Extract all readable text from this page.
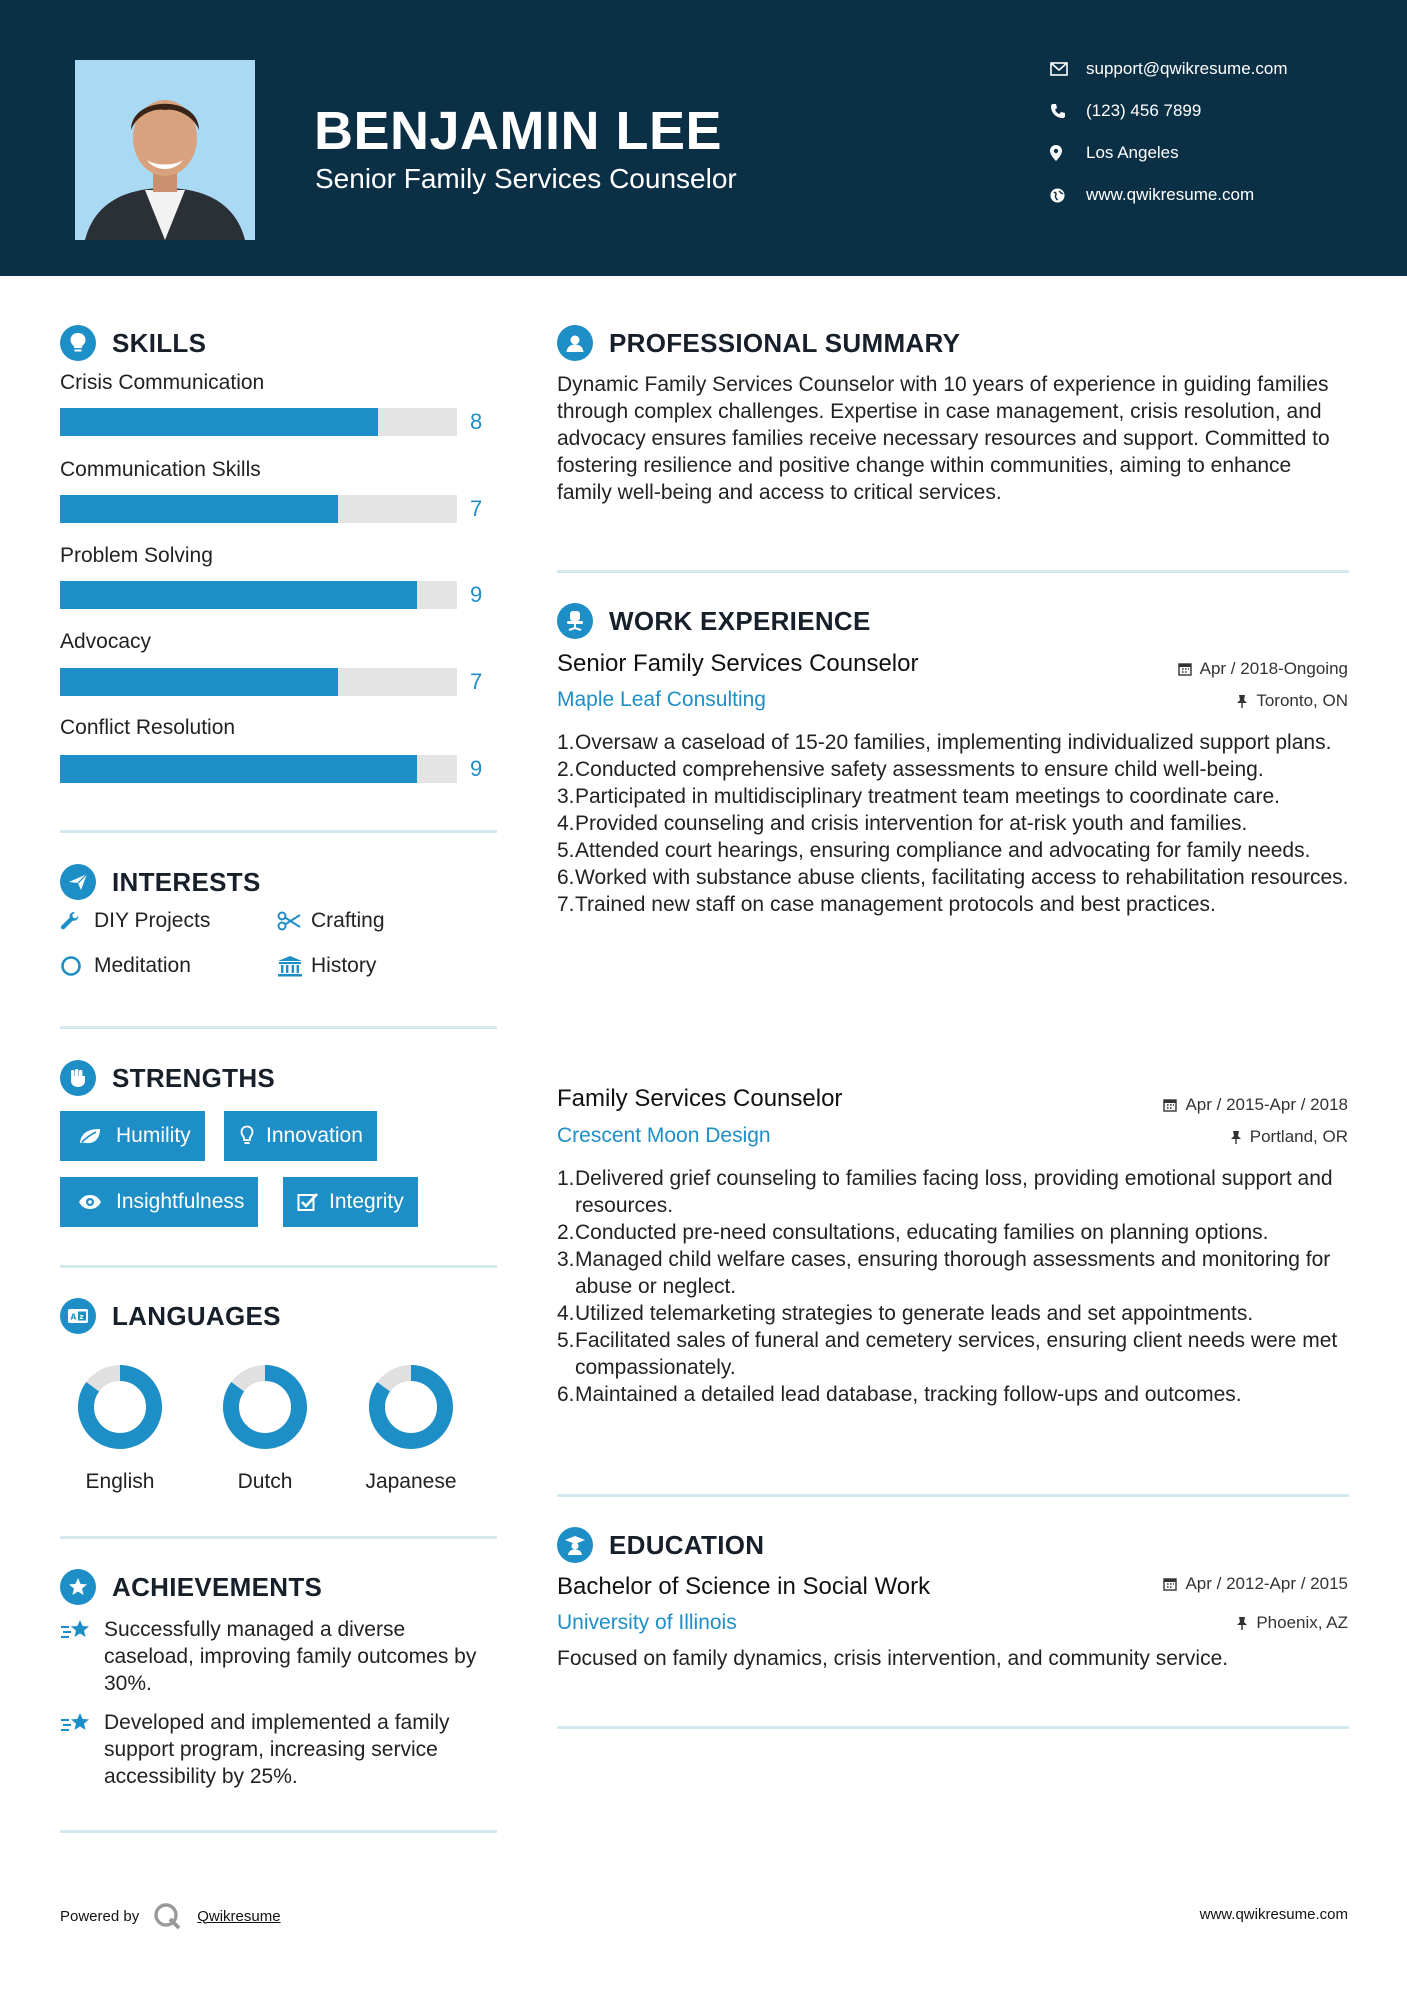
BENJAMIN LEE
Senior Family Services Counselor
support@qwikresume.com
(123) 456 7899
Los Angeles
www.qwikresume.com
SKILLS
Crisis Communication
8
Communication Skills
7
Problem Solving
9
Advocacy
7
Conflict Resolution
9
INTERESTS
DIY Projects	Crafting
Meditation	History
STRENGTHS
Humility	Innovation
Insightfulness	Integrity
A z LANGUAGES
English	Dutch	Japanese
ACHIEVEMENTS
Successfully managed a diverse caseload, improving family outcomes by 30%.
Developed and implemented a family support program, increasing service accessibility by 25%.
PROFESSIONAL SUMMARY
Dynamic Family Services Counselor with 10 years of experience in guiding families through complex challenges. Expertise in case management, crisis resolution, and advocacy ensures families receive necessary resources and support. Committed to fostering resilience and positive change within communities, aiming to enhance family well-being and access to critical services.
WORK EXPERIENCE
Senior Family Services Counselor	Apr / 2018-Ongoing
Maple Leaf Consulting	Toronto, ON
1.
Oversaw a caseload of 15-20 families, implementing individualized support plans.
2.
Conducted comprehensive safety assessments to ensure child well-being.
3.
Participated in multidisciplinary treatment team meetings to coordinate care.
4.
Provided counseling and crisis intervention for at-risk youth and families.
5.
Attended court hearings, ensuring compliance and advocating for family needs.
6.
Worked with substance abuse clients, facilitating access to rehabilitation resources.
7.
Trained new staff on case management protocols and best practices.
Family Services Counselor	Apr / 2015-Apr / 2018
Crescent Moon Design	Portland, OR
1.
Delivered grief counseling to families facing loss, providing emotional support and resources.
2.
Conducted pre-need consultations, educating families on planning options.
3.
Managed child welfare cases, ensuring thorough assessments and monitoring for abuse or neglect.
4.
Utilized telemarketing strategies to generate leads and set appointments.
5.
Facilitated sales of funeral and cemetery services, ensuring client needs were met compassionately.
6.
Maintained a detailed lead database, tracking follow-ups and outcomes.
EDUCATION
Bachelor of Science in Social Work	Apr / 2012-Apr / 2015
University of Illinois	Phoenix, AZ
Focused on family dynamics, crisis intervention, and community service.
Powered by	Qwikresume	www.qwikresume.com
